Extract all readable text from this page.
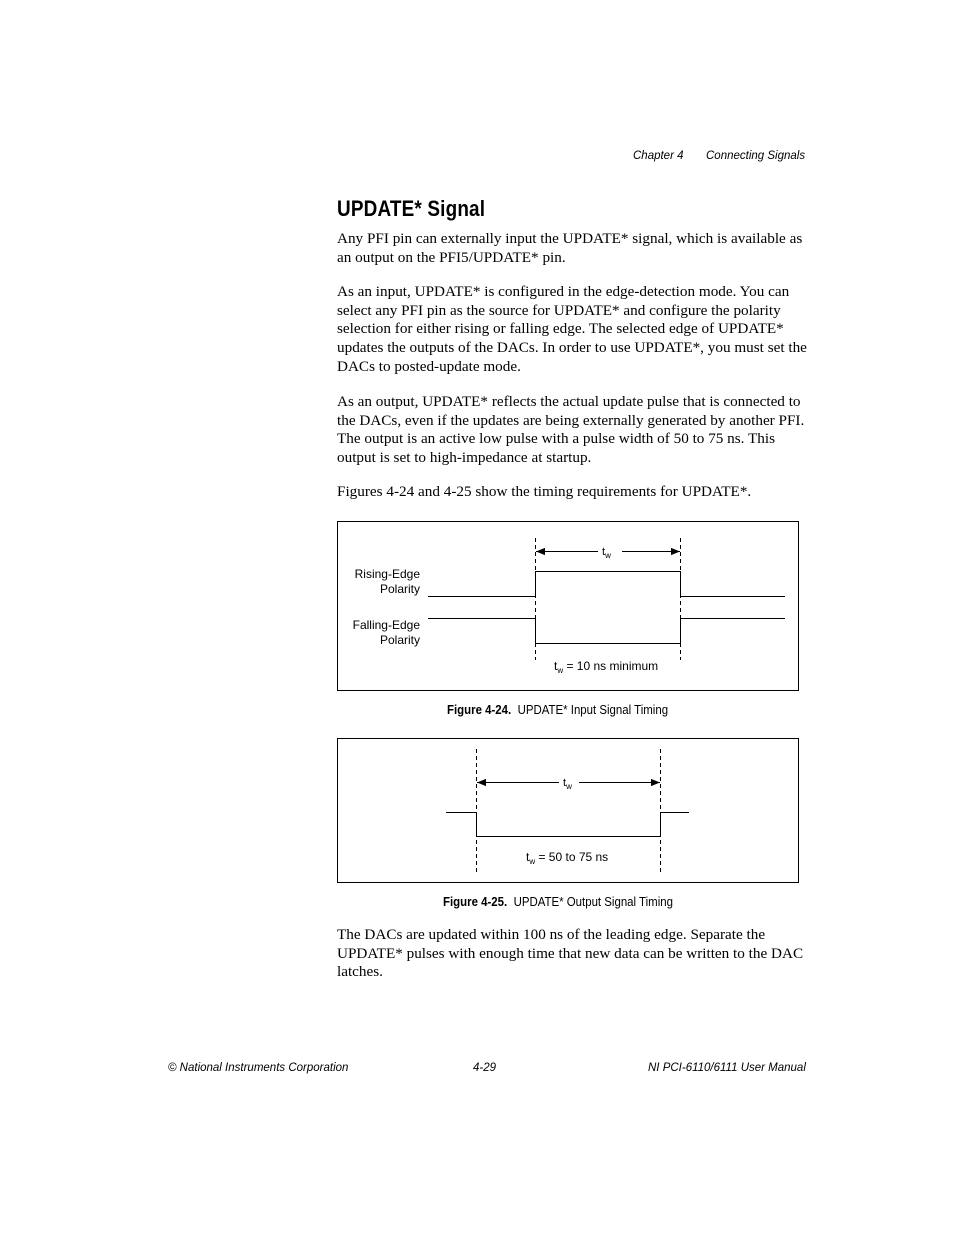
Chapter 4 Connecting Signals
UPDATE* Signal

Any PFI pin can externally input the UPDATE* signal, which is available as an output on the PFI5/UPDATE* pin.

As an input, UPDATE* is configured in the edge-detection mode. You can select any PFI pin as the source for UPDATE* and configure the polarity selection for either rising or falling edge. The selected edge of UPDATE* updates the outputs of the DACs. In order to use UPDATE*, you must set the DACs to posted-update mode.

As an output, UPDATE* reflects the actual update pulse that is connected to the DACs, even if the updates are being externally generated by another PFI. The output is an active low pulse with a pulse width of 50 to 75 ns. This output is set to high-impedance at startup.

Figures 4-24 and 4-25 show the timing requirements for UPDATE*.

$t_w$
Rising-Edge
Polarity
Falling-Edge
Polarity
$t_w = 10$ ns minimum
Figure 4-24. UPDATE* Input Signal Timing
$t_w$
$t_w = 50$ to 75 ns
Figure 4-25. UPDATE* Output Signal Timing

The DACs are updated within 100 ns of the leading edge. Separate the UPDATE* pulses with enough time that new data can be written to the DAC latches.

© National Instruments Corporation	4-29	NI PCI-6110/6111 User Manual
